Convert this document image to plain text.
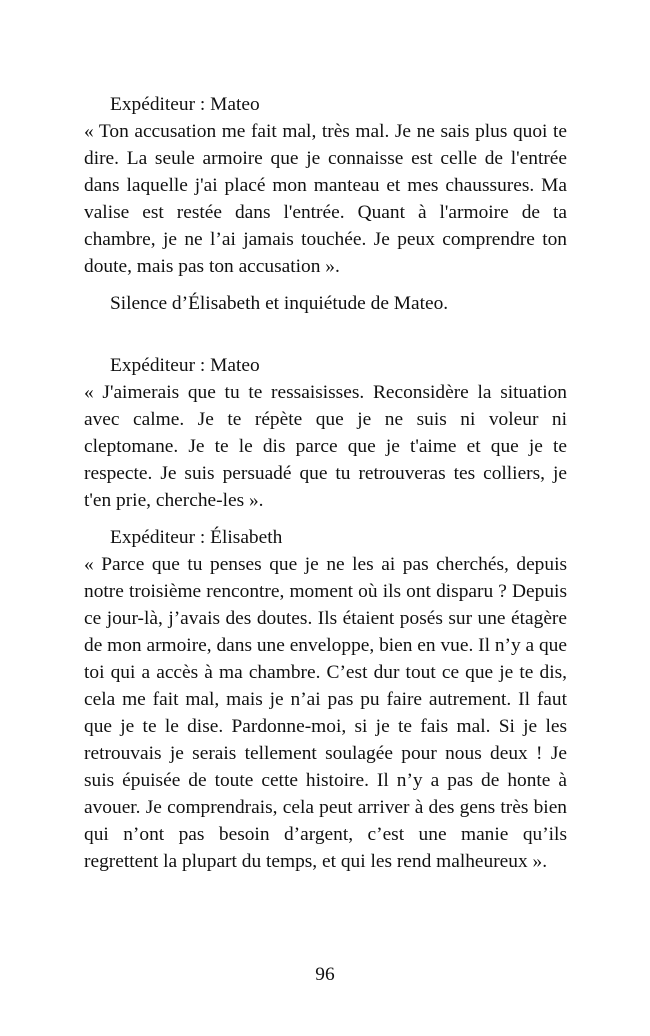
Expéditeur : Mateo

« Ton accusation me fait mal, très mal. Je ne sais plus quoi te dire. La seule armoire que je connaisse est celle de l'entrée dans laquelle j'ai placé mon manteau et mes chaussures. Ma valise est restée dans l'entrée. Quant à l'armoire de ta chambre, je ne l’ai jamais touchée. Je peux comprendre ton doute, mais pas ton accusation ».

Silence d’Élisabeth et inquiétude de Mateo.

Expéditeur : Mateo

« J'aimerais que tu te ressaisisses. Reconsidère la situation avec calme. Je te répète que je ne suis ni voleur ni cleptomane. Je te le dis parce que je t'aime et que je te respecte. Je suis persuadé que tu retrouveras tes colliers, je t'en prie, cherche-les ».

Expéditeur : Élisabeth

« Parce que tu penses que je ne les ai pas cherchés, depuis notre troisième rencontre, moment où ils ont disparu ? Depuis ce jour-là, j’avais des doutes. Ils étaient posés sur une étagère de mon armoire, dans une enveloppe, bien en vue. Il n’y a que toi qui a accès à ma chambre. C’est dur tout ce que je te dis, cela me fait mal, mais je n’ai pas pu faire autrement. Il faut que je te le dise. Pardonne-moi, si je te fais mal. Si je les retrouvais je serais tellement soulagée pour nous deux ! Je suis épuisée de toute cette histoire. Il n’y a pas de honte à avouer. Je comprendrais, cela peut arriver à des gens très bien qui n’ont pas besoin d’argent, c’est une manie qu’ils regrettent la plupart du temps, et qui les rend malheureux ».

96
